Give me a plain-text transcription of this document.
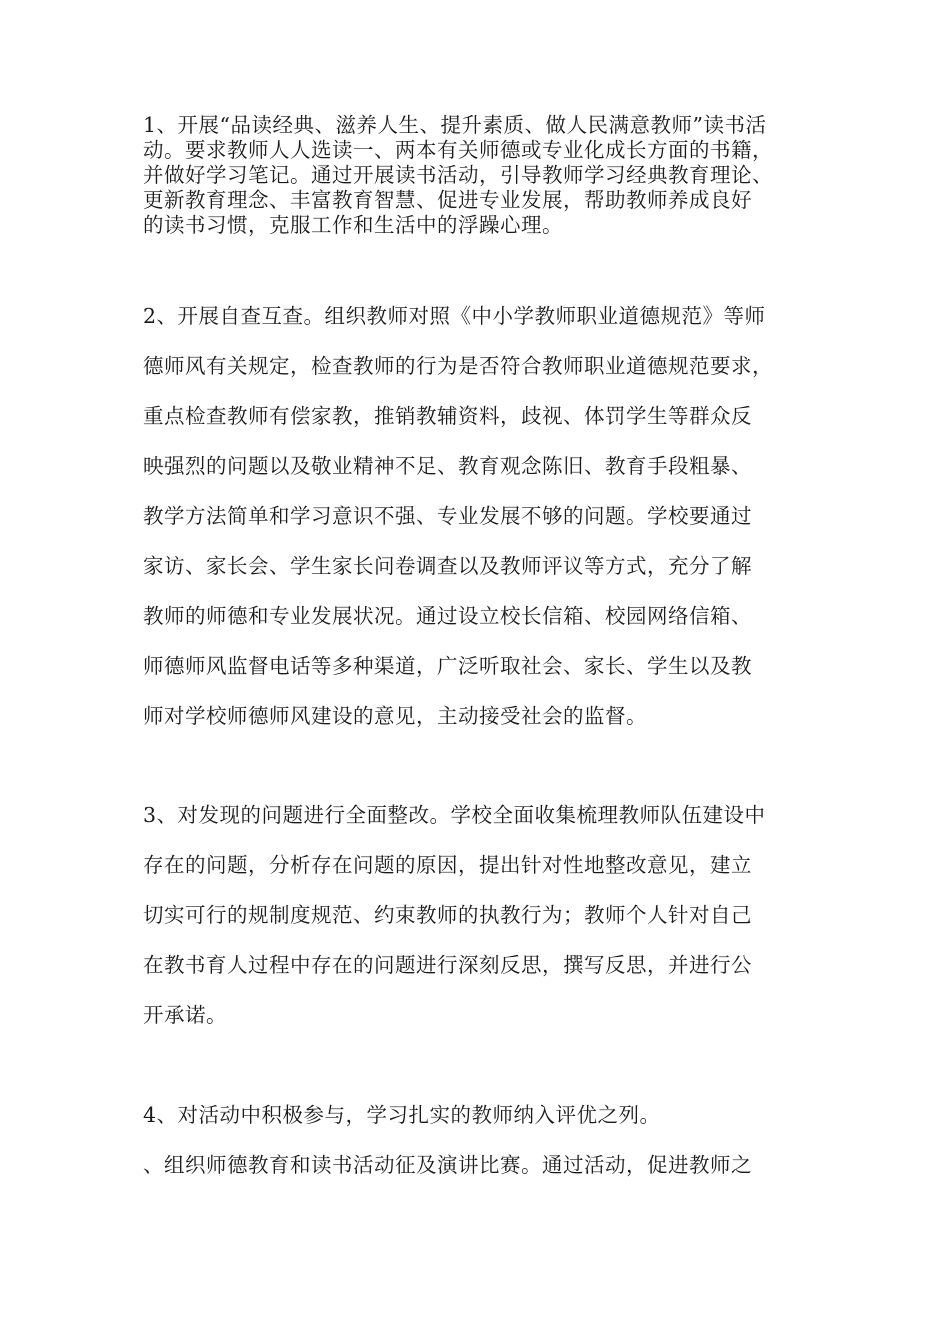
1、开展“品读经典、滋养人生、提升素质、做人民满意教师”读书活
动。要求教师人人选读一、两本有关师德或专业化成长方面的书籍，
并做好学习笔记。通过开展读书活动，引导教师学习经典教育理论、
更新教育理念、丰富教育智慧、促进专业发展，帮助教师养成良好
的读书习惯，克服工作和生活中的浮躁心理。
2、开展自查互查。组织教师对照《中小学教师职业道德规范》等师
德师风有关规定，检查教师的行为是否符合教师职业道德规范要求，
重点检查教师有偿家教，推销教辅资料，歧视、体罚学生等群众反
映强烈的问题以及敬业精神不足、教育观念陈旧、教育手段粗暴、
教学方法简单和学习意识不强、专业发展不够的问题。学校要通过
家访、家长会、学生家长问卷调查以及教师评议等方式，充分了解
教师的师德和专业发展状况。通过设立校长信箱、校园网络信箱、
师德师风监督电话等多种渠道，广泛听取社会、家长、学生以及教
师对学校师德师风建设的意见，主动接受社会的监督。
3、对发现的问题进行全面整改。学校全面收集梳理教师队伍建设中
存在的问题，分析存在问题的原因，提出针对性地整改意见，建立
切实可行的规制度规范、约束教师的执教行为；教师个人针对自己
在教书育人过程中存在的问题进行深刻反思，撰写反思，并进行公
开承诺。
4、对活动中积极参与，学习扎实的教师纳入评优之列。
、组织师德教育和读书活动征及演讲比赛。通过活动，促进教师之
